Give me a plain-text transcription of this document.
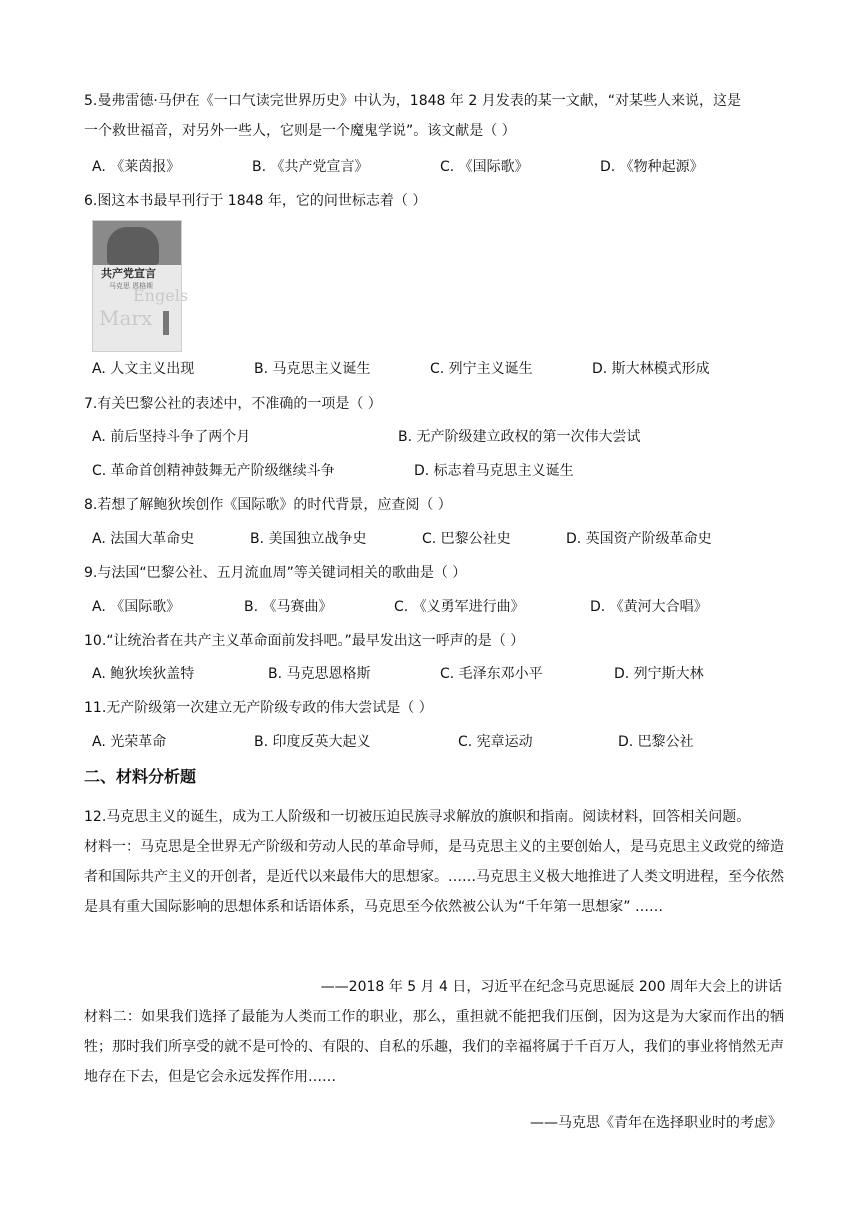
5.曼弗雷德·马伊在《一口气读完世界历史》中认为，1848 年 2 月发表的某一文献，“对某些人来说，这是
一个救世福音，对另外一些人，它则是一个魔鬼学说”。该文献是（ ）
A. 《莱茵报》	B. 《共产党宣言》	C. 《国际歌》	D. 《物种起源》
6.图这本书最早刊行于 1848 年，它的问世标志着（ ）
共产党宣言
马克思 恩格斯
Engels
Marx
A. 人文主义出现	B. 马克思主义诞生	C. 列宁主义诞生	D. 斯大林模式形成
7.有关巴黎公社的表述中，不准确的一项是（ ）
A. 前后坚持斗争了两个月	B. 无产阶级建立政权的第一次伟大尝试
C. 革命首创精神鼓舞无产阶级继续斗争	D. 标志着马克思主义诞生
8.若想了解鲍狄埃创作《国际歌》的时代背景，应查阅（ ）
A. 法国大革命史	B. 美国独立战争史	C. 巴黎公社史	D. 英国资产阶级革命史
9.与法国“巴黎公社、五月流血周”等关键词相关的歌曲是（ ）
A. 《国际歌》	B. 《马赛曲》	C. 《义勇军进行曲》	D. 《黄河大合唱》
10.“让统治者在共产主义革命面前发抖吧。”最早发出这一呼声的是（ ）
A. 鲍狄埃狄盖特	B. 马克思恩格斯	C. 毛泽东邓小平	D. 列宁斯大林
11.无产阶级第一次建立无产阶级专政的伟大尝试是（ ）
A. 光荣革命	B. 印度反英大起义	C. 宪章运动	D. 巴黎公社
二、材料分析题
12.马克思主义的诞生，成为工人阶级和一切被压迫民族寻求解放的旗帜和指南。阅读材料，回答相关问题。
材料一：马克思是全世界无产阶级和劳动人民的革命导师，是马克思主义的主要创始人，是马克思主义政党的缔造者和国际共产主义的开创者，是近代以来最伟大的思想家。……马克思主义极大地推进了人类文明进程，至今依然是具有重大国际影响的思想体系和话语体系，马克思至今依然被公认为“千年第一思想家” ……
——2018 年 5 月 4 日，习近平在纪念马克思诞辰 200 周年大会上的讲话
材料二：如果我们选择了最能为人类而工作的职业，那么，重担就不能把我们压倒，因为这是为大家而作出的牺牲；那时我们所享受的就不是可怜的、有限的、自私的乐趣，我们的幸福将属于千百万人，我们的事业将悄然无声地存在下去，但是它会永远发挥作用……
——马克思《青年在选择职业时的考虑》
